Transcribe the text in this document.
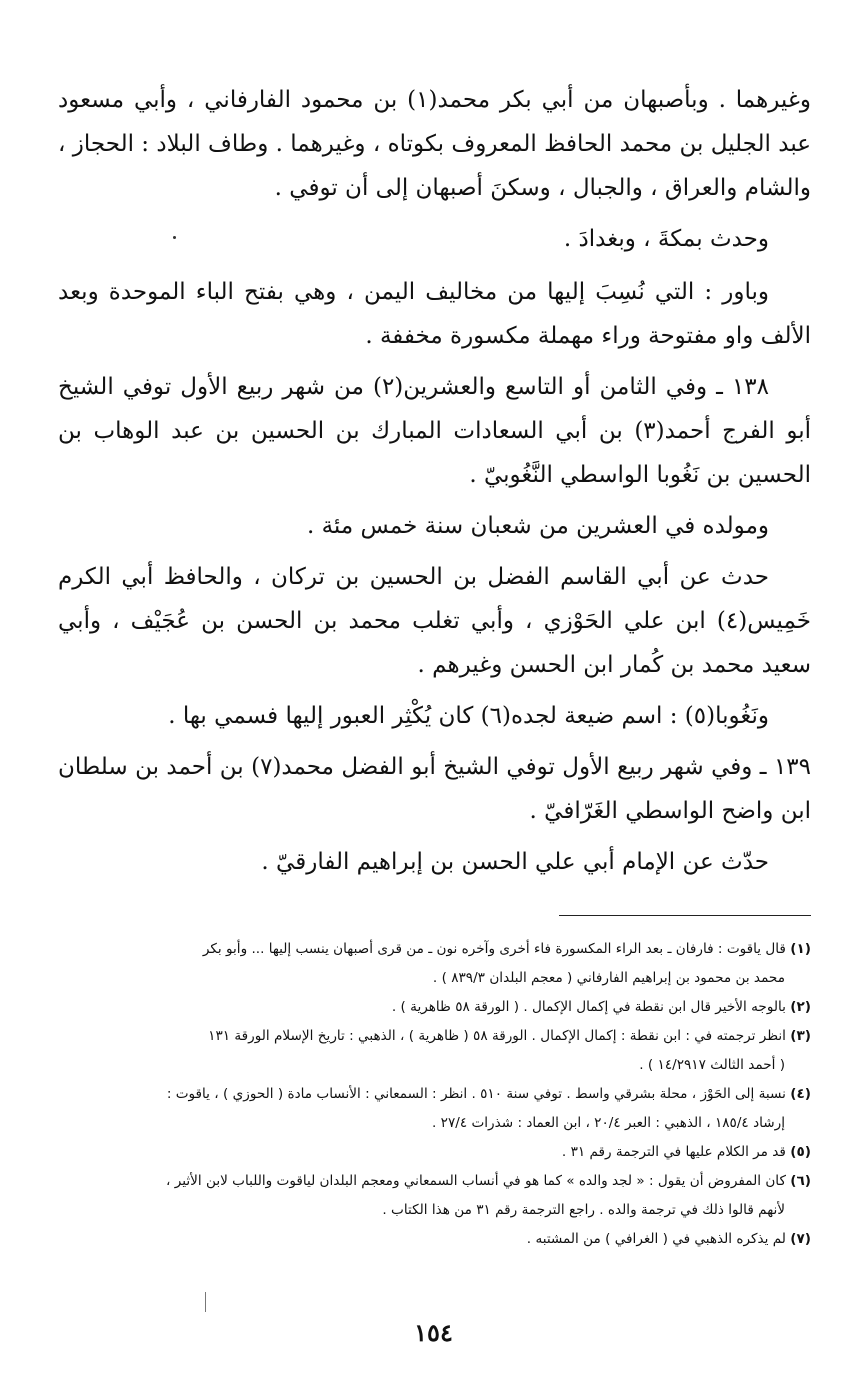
وغيرهما . وبأصبهان من أبي بكر محمد(١) بن محمود الفارفاني ، وأبي مسعود عبد الجليل بن محمد الحافظ المعروف بكوتاه ، وغيرهما . وطاف البلاد : الحجاز ، والشام والعراق ، والجبال ، وسكنَ أصبهان إلى أن توفي .

وحدث بمكةَ ، وبغدادَ .

وباور : التي نُسِبَ إليها من مخاليف اليمن ، وهي بفتح الباء الموحدة وبعد الألف واو مفتوحة وراء مهملة مكسورة مخففة .

١٣٨ ـ وفي الثامن أو التاسع والعشرين(٢) من شهر ربيع الأول توفي الشيخ أبو الفرج أحمد(٣) بن أبي السعادات المبارك بن الحسين بن عبد الوهاب بن الحسين بن نَغُوبا الواسطي النَّغُوبيّ .

ومولده في العشرين من شعبان سنة خمس مئة .

حدث عن أبي القاسم الفضل بن الحسين بن تركان ، والحافظ أبي الكرم خَمِيس(٤) ابن علي الحَوْزي ، وأبي تغلب محمد بن الحسن بن عُجَيْف ، وأبي سعيد محمد بن كُمار ابن الحسن وغيرهم .

ونَغُوبا(٥) : اسم ضيعة لجده(٦) كان يُكْثِر العبور إليها فسمي بها .

١٣٩ ـ وفي شهر ربيع الأول توفي الشيخ أبو الفضل محمد(٧) بن أحمد بن سلطان ابن واضح الواسطي الغَرّافيّ .

حدّث عن الإمام أبي علي الحسن بن إبراهيم الفارقيّ .

(١) قال ياقوت : فارفان ـ بعد الراء المكسورة فاء أخرى وآخره نون ـ من قرى أصبهان ينسب إليها ... وأبو بكر

محمد بن محمود بن إبراهيم الفارفاني ( معجم البلدان ٨٣٩/٣ ) .

(٢) بالوجه الأخير قال ابن نقطة في إكمال الإكمال . ( الورقة ٥٨ ظاهرية ) .

(٣) انظر ترجمته في : ابن نقطة : إكمال الإكمال . الورقة ٥٨ ( ظاهرية ) ، الذهبي : تاريخ الإسلام الورقة ١٣١

( أحمد الثالث ١٤/٢٩١٧ ) .

(٤) نسبة إلى الحَوْز ، محلة بشرقي واسط . توفي سنة ٥١٠ . انظر : السمعاني : الأنساب مادة ( الحوزي ) ، ياقوت :

إرشاد ١٨٥/٤ ، الذهبي : العبر ٢٠/٤ ، ابن العماد : شذرات ٢٧/٤ .

(٥) قد مر الكلام عليها في الترجمة رقم ٣١ .

(٦) كان المفروض أن يقول : « لجد والده » كما هو في أنساب السمعاني ومعجم البلدان لياقوت واللباب لابن الأثير ،

لأنهم قالوا ذلك في ترجمة والده . راجع الترجمة رقم ٣١ من هذا الكتاب .

(٧) لم يذكره الذهبي في ( الغرافي ) من المشتبه .

١٥٤
